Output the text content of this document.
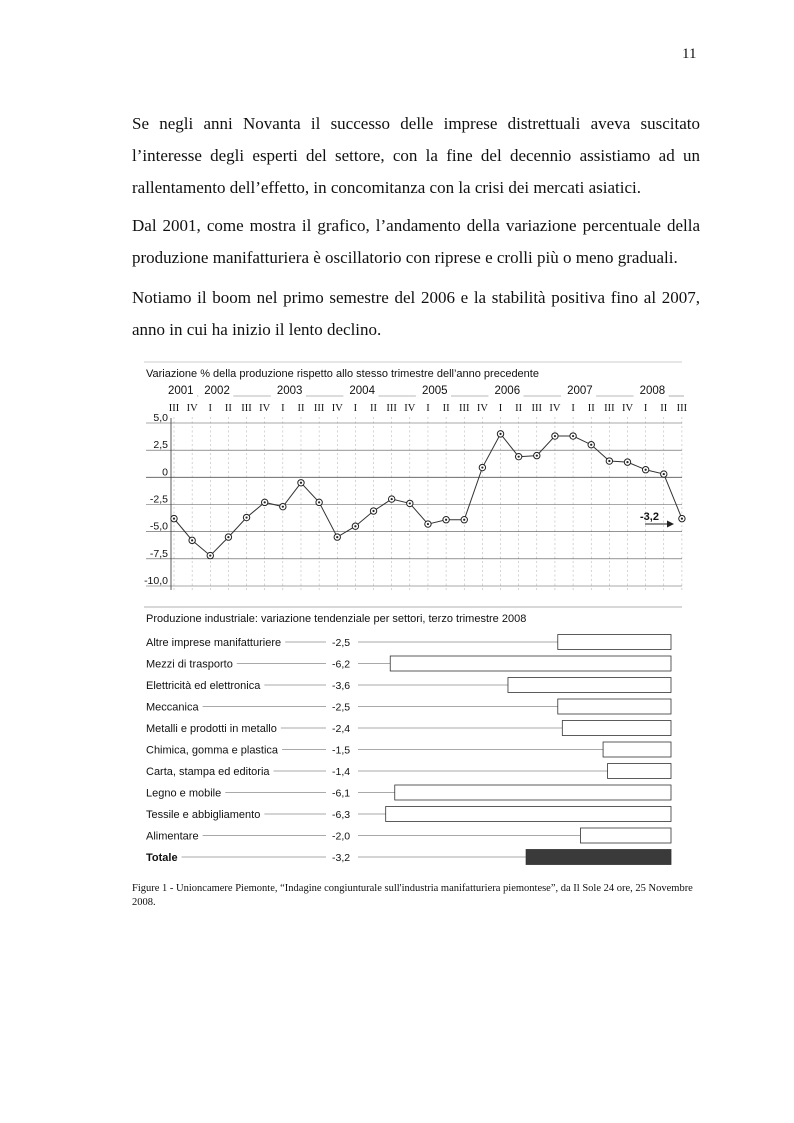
11

Se negli anni Novanta il successo delle imprese distrettuali aveva suscitato l’interesse degli esperti del settore, con la fine del decennio assistiamo ad un rallentamento dell’effetto, in concomitanza con la crisi dei mercati asiatici.

Dal 2001, come mostra il grafico, l’andamento della variazione percentuale della produzione manifatturiera è oscillatorio con riprese e crolli più o meno graduali.

Notiamo il boom nel primo semestre del 2006 e la stabilità positiva fino al 2007, anno in cui ha inizio il lento declino.

Variazione % della produzione rispetto allo stesso trimestre dell’anno precedente
2001 2002	2003	2004	2005	2006	2007	2008
III IV I II III IV I II III IV I II III IV I II III IV I II III IV I II III IV I II III
5,0
2,5
0
-2,5
-5,0
-7,5
-10,0
-3,2
Produzione industriale: variazione tendenziale per settori, terzo trimestre 2008
Altre imprese manifatturiere	-2,5
Mezzi di trasporto	-6,2
Elettricità ed elettronica	-3,6
Meccanica	-2,5
Metalli e prodotti in metallo	-2,4
Chimica, gomma e plastica	-1,5
Carta, stampa ed editoria	-1,4
Legno e mobile	-6,1
Tessile e abbigliamento	-6,3
Alimentare	-2,0
Totale	-3,2

Figure 1 - Unioncamere Piemonte, “Indagine congiunturale sull'industria manifatturiera piemontese”, da Il Sole 24 ore, 25 Novembre 2008.
